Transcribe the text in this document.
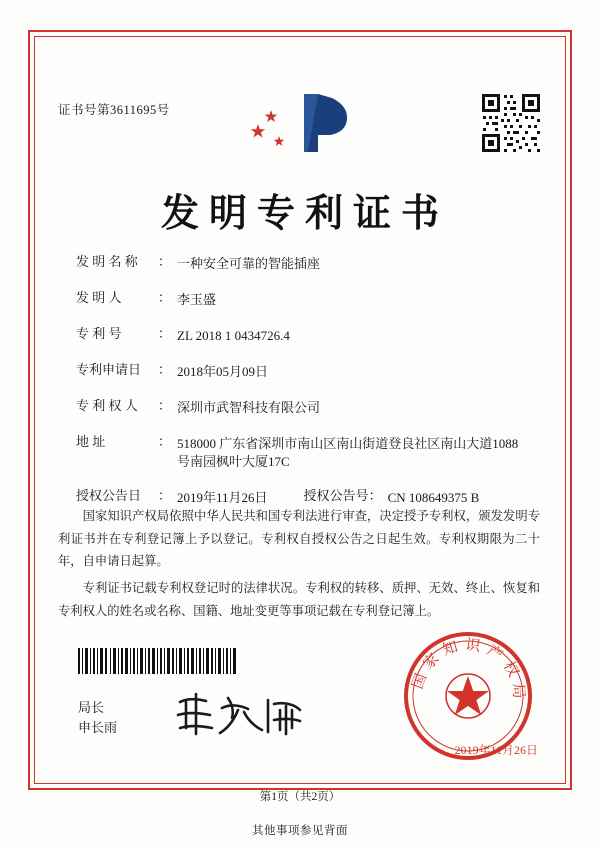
证书号第3611695号
发明专利证书
发 明 名 称	： 一种安全可靠的智能插座
发 明 人	： 李玉盛
专 利 号	： ZL 2018 1 0434726.4
专利申请日	： 2018年05月09日
专 利 权 人	： 深圳市武智科技有限公司
地 址	： 518000 广东省深圳市南山区南山街道登良社区南山大道1088号南园枫叶大厦17C
授权公告日	： 2019年11月26日	授权公告号 ： CN 108649375 B

国家知识产权局依照中华人民共和国专利法进行审查，决定授予专利权，颁发发明专利证书并在专利登记簿上予以登记。专利权自授权公告之日起生效。专利权期限为二十年，自申请日起算。

专利证书记载专利权登记时的法律状况。专利权的转移、质押、无效、终止、恢复和专利权人的姓名或名称、国籍、地址变更等事项记载在专利登记簿上。

局长
申长雨
国家知识产权局
2019年11月26日
第1页（共2页）
其他事项参见背面
